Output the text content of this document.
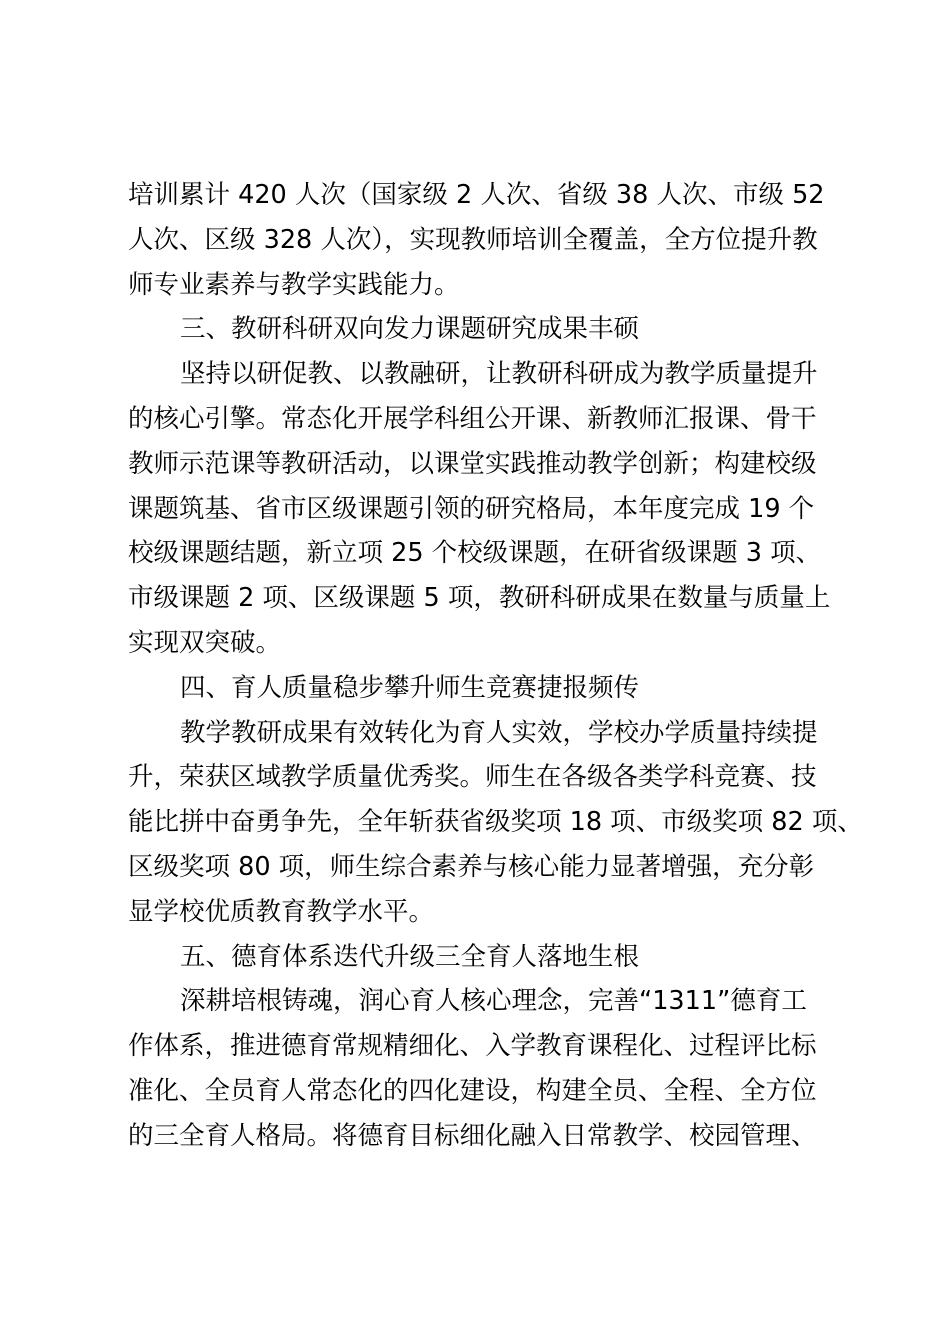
培训累计 420 人次（国家级 2 人次、省级 38 人次、市级 52

人次、区级 328 人次），实现教师培训全覆盖，全方位提升教

师专业素养与教学实践能力。

三、教研科研双向发力课题研究成果丰硕

坚持以研促教、以教融研，让教研科研成为教学质量提升

的核心引擎。常态化开展学科组公开课、新教师汇报课、骨干

教师示范课等教研活动，以课堂实践推动教学创新；构建校级

课题筑基、省市区级课题引领的研究格局，本年度完成 19 个

校级课题结题，新立项 25 个校级课题，在研省级课题 3 项、

市级课题 2 项、区级课题 5 项，教研科研成果在数量与质量上

实现双突破。

四、育人质量稳步攀升师生竞赛捷报频传

教学教研成果有效转化为育人实效，学校办学质量持续提

升，荣获区域教学质量优秀奖。师生在各级各类学科竞赛、技

能比拼中奋勇争先，全年斩获省级奖项 18 项、市级奖项 82 项、

区级奖项 80 项，师生综合素养与核心能力显著增强，充分彰

显学校优质教育教学水平。

五、德育体系迭代升级三全育人落地生根

深耕培根铸魂，润心育人核心理念，完善“1311”德育工

作体系，推进德育常规精细化、入学教育课程化、过程评比标

准化、全员育人常态化的四化建设，构建全员、全程、全方位

的三全育人格局。将德育目标细化融入日常教学、校园管理、
